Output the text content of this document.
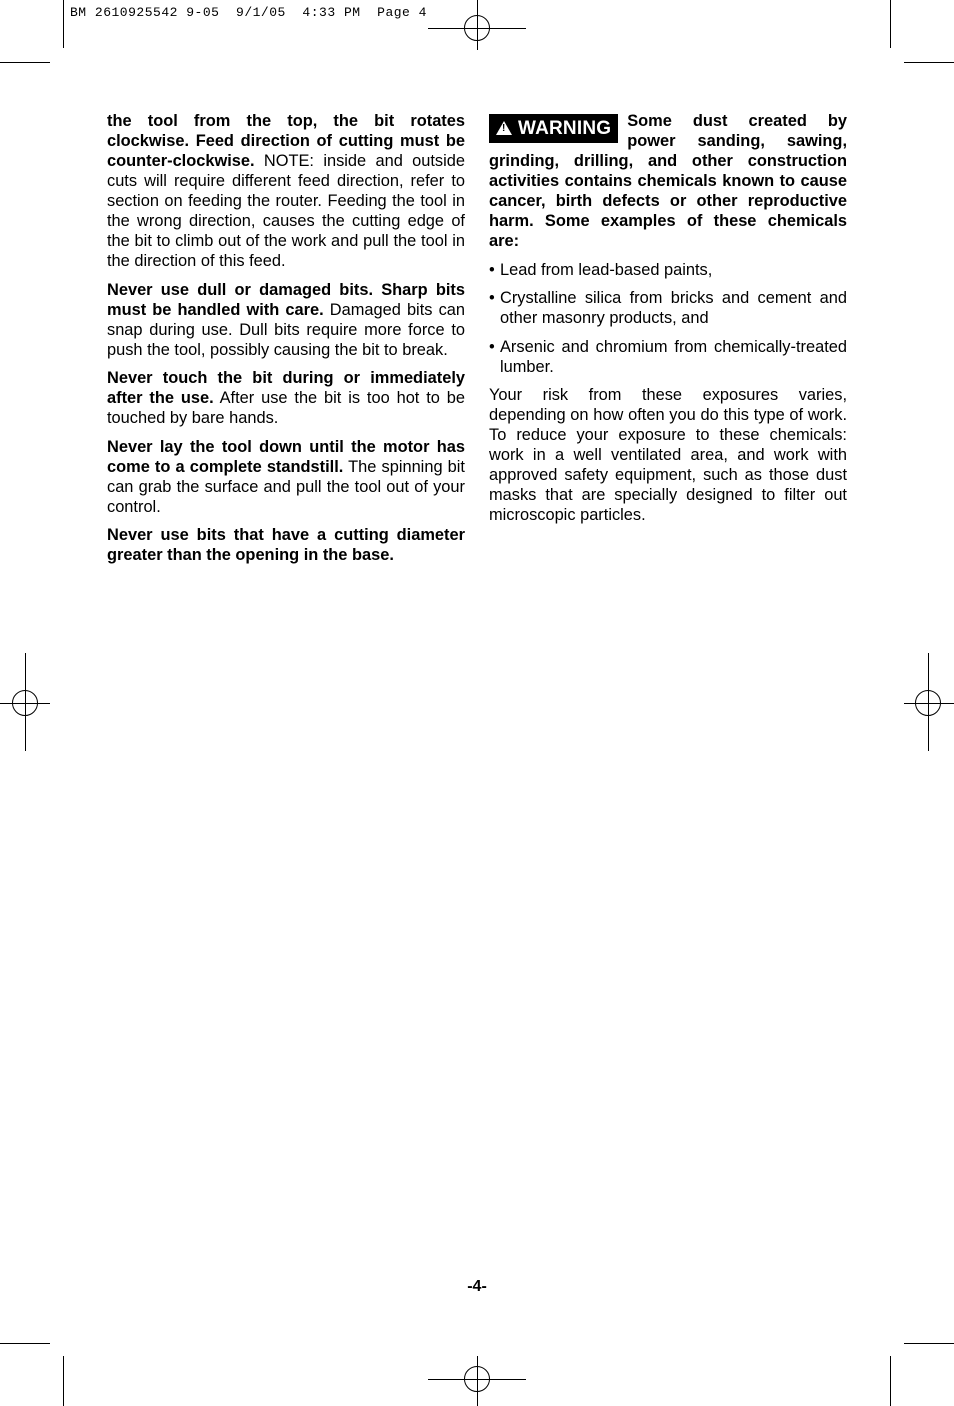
BM 2610925542 9-05  9/1/05  4:33 PM  Page 4

the tool from the top, the bit rotates clockwise. Feed direction of cutting must be counter-clockwise. NOTE: inside and outside cuts will require different feed direction, refer to section on feeding the router. Feeding the tool in the wrong direction, causes the cutting edge of the bit to climb out of the work and pull the tool in the direction of this feed.

Never use dull or damaged bits. Sharp bits must be handled with care. Damaged bits can snap during use. Dull bits require more force to push the tool, possibly causing the bit to break.

Never touch the bit during or immediately after the use. After use the bit is too hot to be touched by bare hands.

Never lay the tool down until the motor has come to a complete standstill. The spinning bit can grab the surface and pull the tool out of your control.

Never use bits that have a cutting diameter greater than the opening in the base.

! WARNING Some dust created by power sanding, sawing, grinding, drilling, and other construction activities contains chemicals known to cause cancer, birth defects or other reproductive harm. Some examples of these chemicals are:

• Lead from lead-based paints,
• Crystalline silica from bricks and cement and other masonry products, and
• Arsenic and chromium from chemically-treated lumber.

Your risk from these exposures varies, depending on how often you do this type of work. To reduce your exposure to these chemicals: work in a well ventilated area, and work with approved safety equipment, such as those dust masks that are specially designed to filter out microscopic particles.

-4-
